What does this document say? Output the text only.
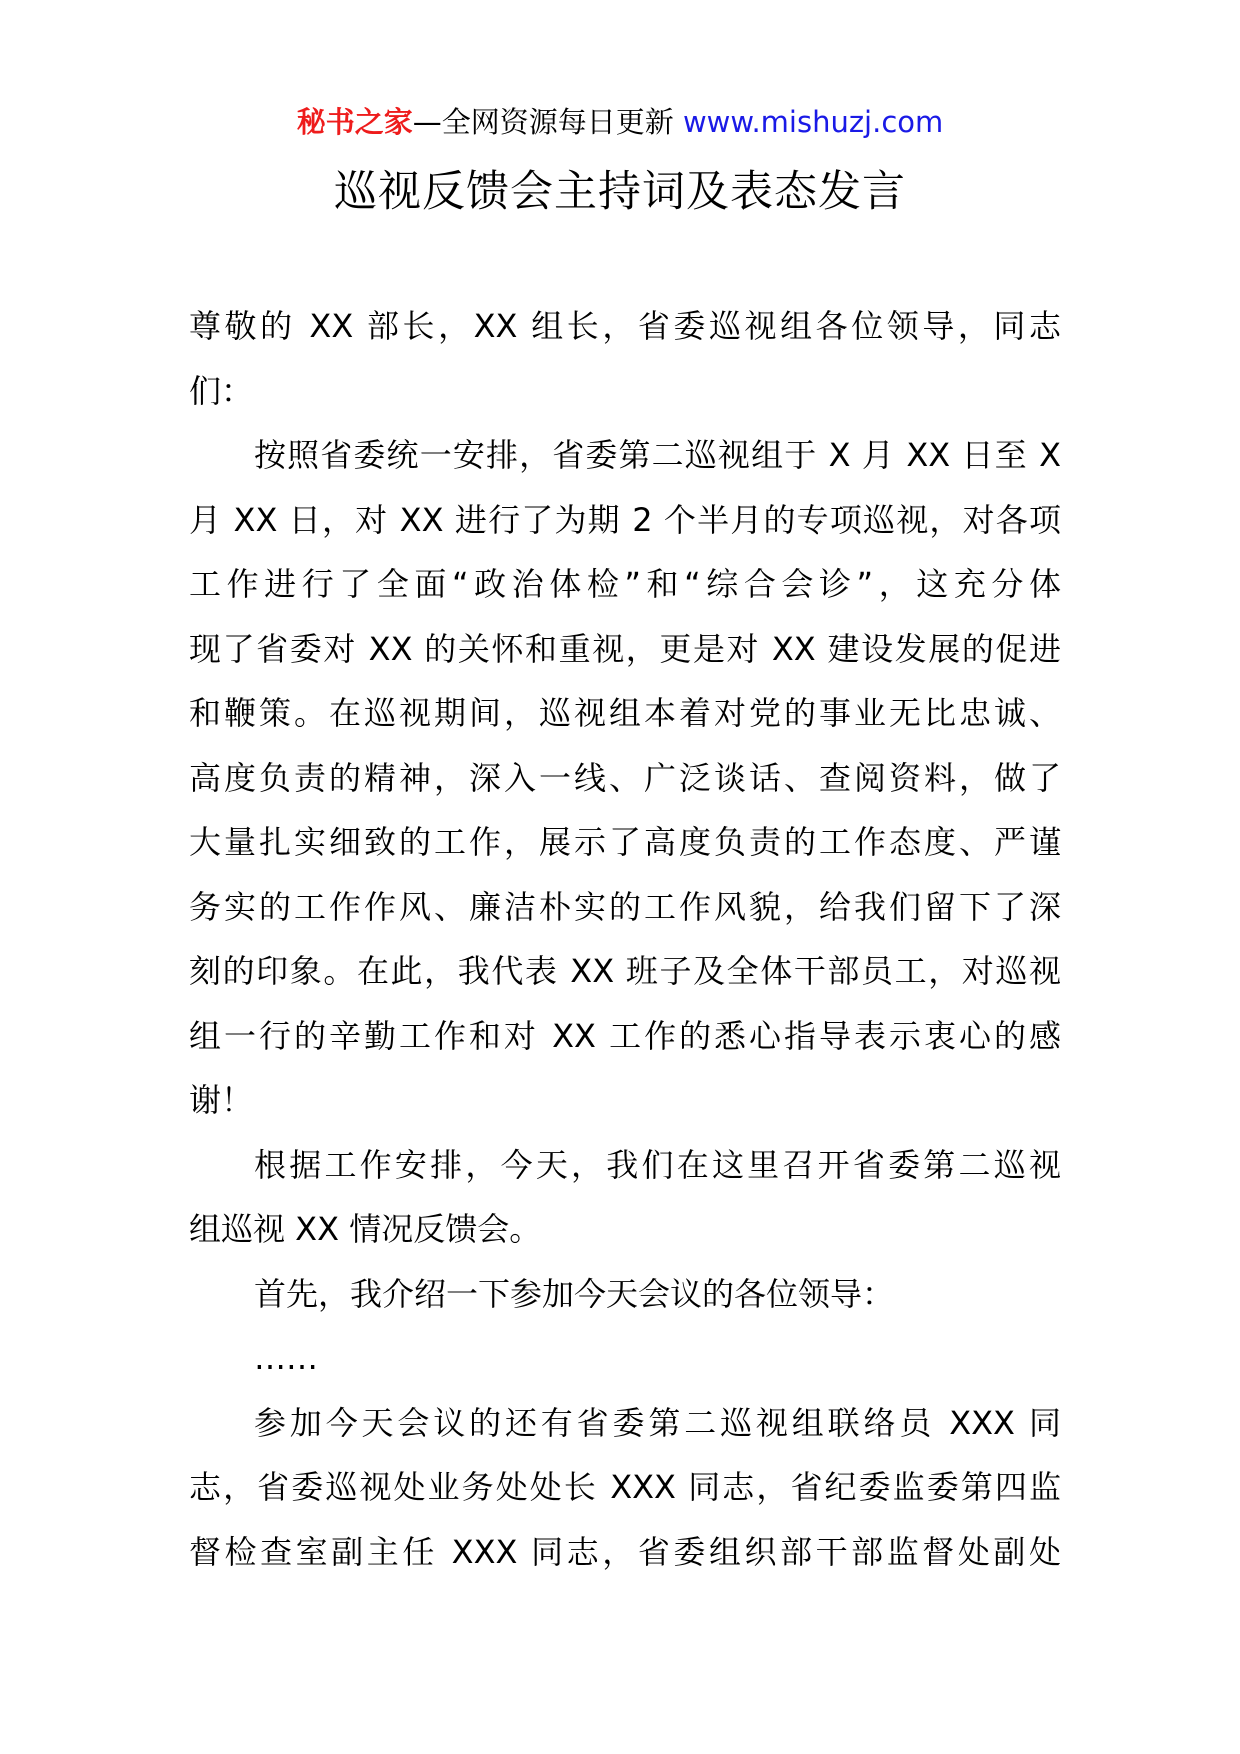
秘书之家—全网资源每日更新 www.mishuzj.com
巡视反馈会主持词及表态发言
尊敬的 XX 部长，XX 组长，省委巡视组各位领导，同志
们：
按照省委统一安排，省委第二巡视组于 X 月 XX 日至 X
月 XX 日，对 XX 进行了为期 2 个半月的专项巡视，对各项
工作进行了全面“政治体检”和“综合会诊”，这充分体
现了省委对 XX 的关怀和重视，更是对 XX 建设发展的促进
和鞭策。在巡视期间，巡视组本着对党的事业无比忠诚、
高度负责的精神，深入一线、广泛谈话、查阅资料，做了
大量扎实细致的工作，展示了高度负责的工作态度、严谨
务实的工作作风、廉洁朴实的工作风貌，给我们留下了深
刻的印象。在此，我代表 XX 班子及全体干部员工，对巡视
组一行的辛勤工作和对 XX 工作的悉心指导表示衷心的感
谢！
根据工作安排，今天，我们在这里召开省委第二巡视
组巡视 XX 情况反馈会。
首先，我介绍一下参加今天会议的各位领导：
……
参加今天会议的还有省委第二巡视组联络员 XXX 同
志，省委巡视处业务处处长 XXX 同志，省纪委监委第四监
督检查室副主任 XXX 同志，省委组织部干部监督处副处
